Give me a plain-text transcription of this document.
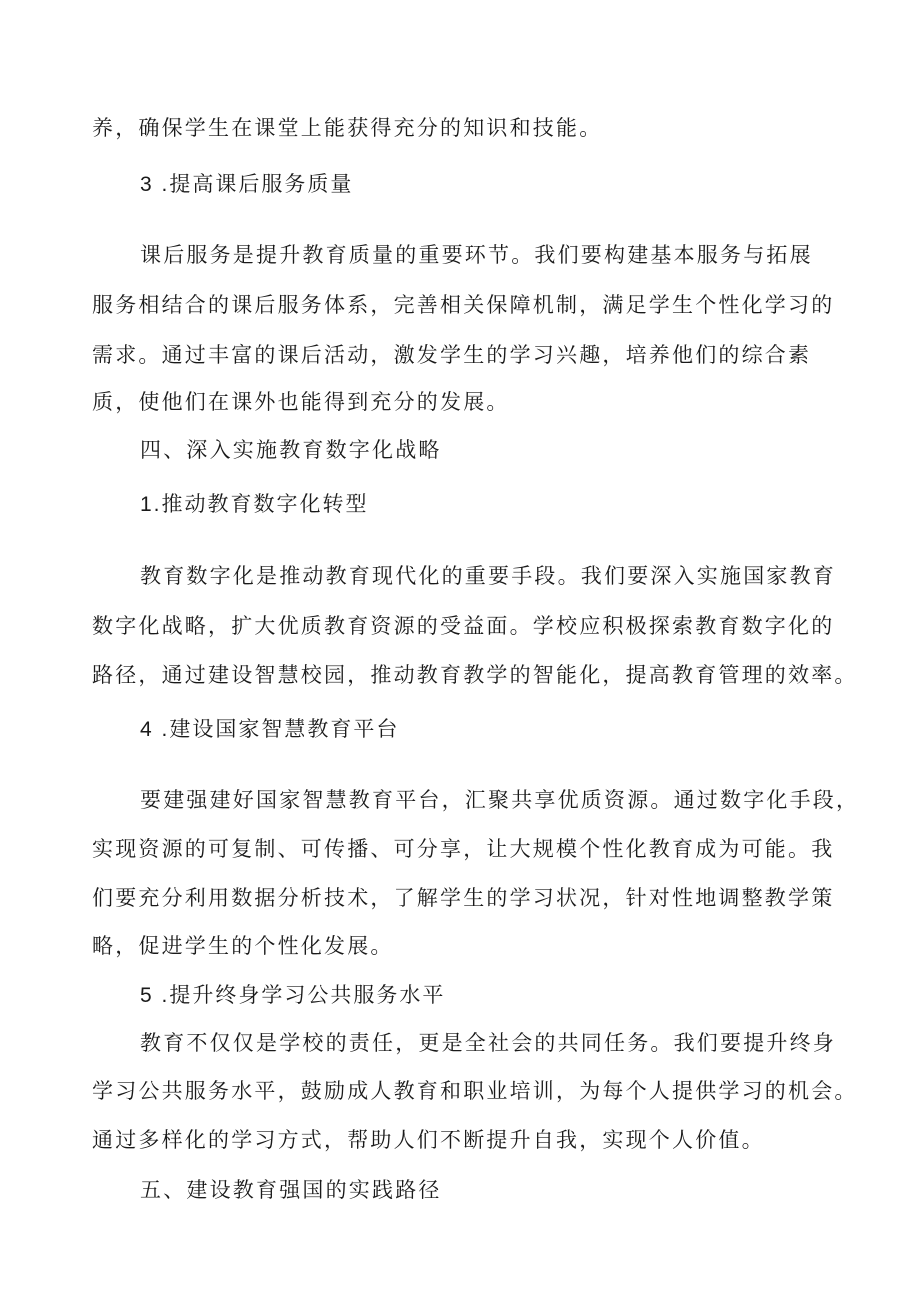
养，确保学生在课堂上能获得充分的知识和技能。
3 .提高课后服务质量
课后服务是提升教育质量的重要环节。我们要构建基本服务与拓展
服务相结合的课后服务体系，完善相关保障机制，满足学生个性化学习的
需求。通过丰富的课后活动，激发学生的学习兴趣，培养他们的综合素
质，使他们在课外也能得到充分的发展。
四、深入实施教育数字化战略
1.推动教育数字化转型
教育数字化是推动教育现代化的重要手段。我们要深入实施国家教育
数字化战略，扩大优质教育资源的受益面。学校应积极探索教育数字化的
路径，通过建设智慧校园，推动教育教学的智能化，提高教育管理的效率。
4 .建设国家智慧教育平台
要建强建好国家智慧教育平台，汇聚共享优质资源。通过数字化手段，
实现资源的可复制、可传播、可分享，让大规模个性化教育成为可能。我
们要充分利用数据分析技术，了解学生的学习状况，针对性地调整教学策
略，促进学生的个性化发展。
5 .提升终身学习公共服务水平
教育不仅仅是学校的责任，更是全社会的共同任务。我们要提升终身
学习公共服务水平，鼓励成人教育和职业培训，为每个人提供学习的机会。
通过多样化的学习方式，帮助人们不断提升自我，实现个人价值。
五、建设教育强国的实践路径
